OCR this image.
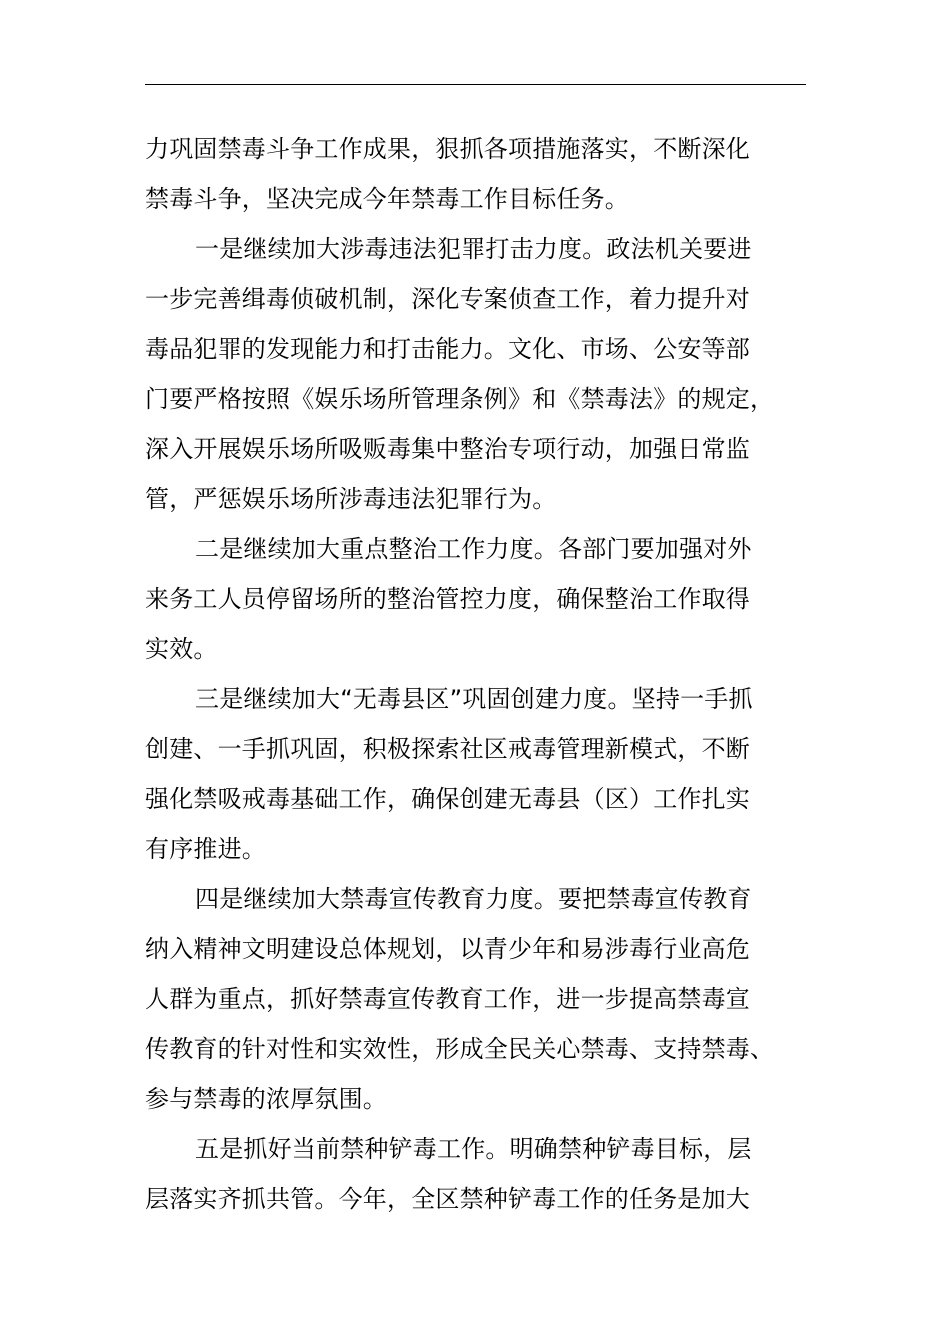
力巩固禁毒斗争工作成果，狠抓各项措施落实，不断深化
禁毒斗争，坚决完成今年禁毒工作目标任务。
一是继续加大涉毒违法犯罪打击力度。政法机关要进
一步完善缉毒侦破机制，深化专案侦查工作，着力提升对
毒品犯罪的发现能力和打击能力。文化、市场、公安等部
门要严格按照《娱乐场所管理条例》和《禁毒法》的规定，
深入开展娱乐场所吸贩毒集中整治专项行动，加强日常监
管，严惩娱乐场所涉毒违法犯罪行为。
二是继续加大重点整治工作力度。各部门要加强对外
来务工人员停留场所的整治管控力度，确保整治工作取得
实效。
三是继续加大“无毒县区”巩固创建力度。坚持一手抓
创建、一手抓巩固，积极探索社区戒毒管理新模式，不断
强化禁吸戒毒基础工作，确保创建无毒县（区）工作扎实
有序推进。
四是继续加大禁毒宣传教育力度。要把禁毒宣传教育
纳入精神文明建设总体规划，以青少年和易涉毒行业高危
人群为重点，抓好禁毒宣传教育工作，进一步提高禁毒宣
传教育的针对性和实效性，形成全民关心禁毒、支持禁毒、
参与禁毒的浓厚氛围。
五是抓好当前禁种铲毒工作。明确禁种铲毒目标，层
层落实齐抓共管。今年，全区禁种铲毒工作的任务是加大
